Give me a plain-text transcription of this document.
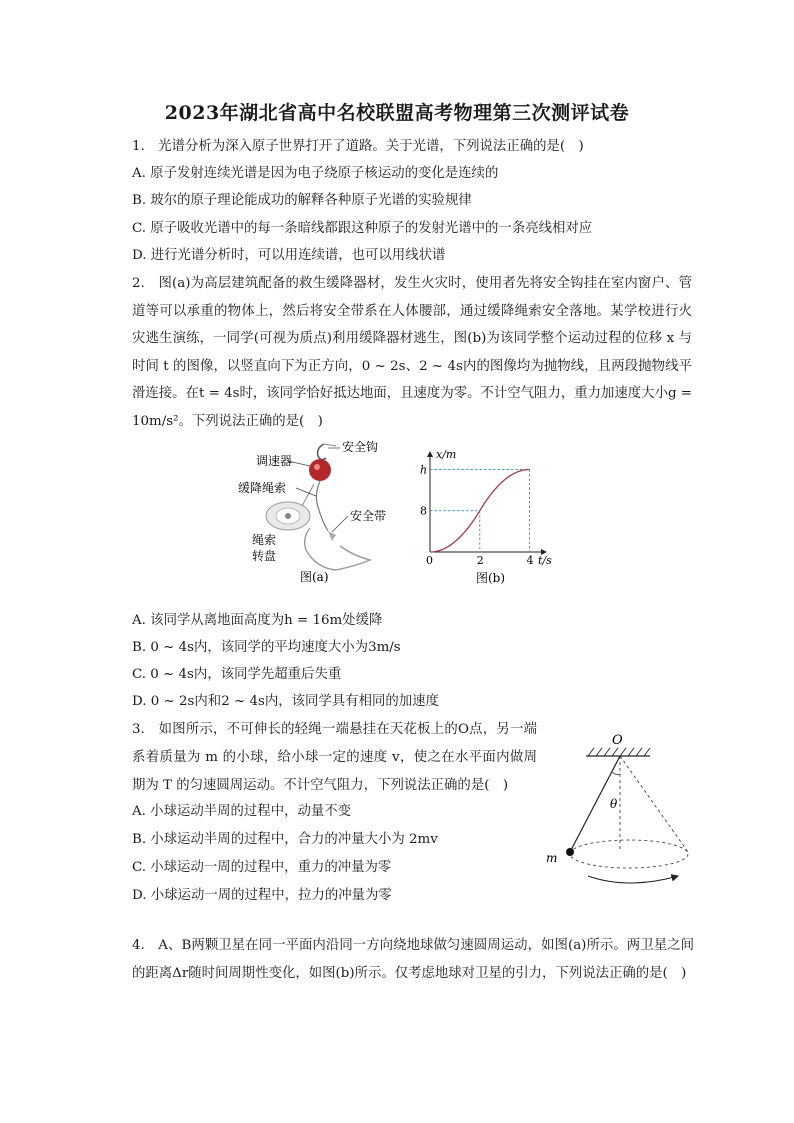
2023年湖北省高中名校联盟高考物理第三次测评试卷
1.　光谱分析为深入原子世界打开了道路。关于光谱，下列说法正确的是(　)
A. 原子发射连续光谱是因为电子绕原子核运动的变化是连续的
B. 玻尔的原子理论能成功的解释各种原子光谱的实验规律
C. 原子吸收光谱中的每一条暗线都跟这种原子的发射光谱中的一条亮线相对应
D. 进行光谱分析时，可以用连续谱，也可以用线状谱
2.　图(a)为高层建筑配备的救生缓降器材，发生火灾时，使用者先将安全钩挂在室内窗户、管道等可以承重的物体上，然后将安全带系在人体腰部，通过缓降绳索安全落地。某学校进行火灾逃生演练，一同学(可视为质点)利用缓降器材逃生，图(b)为该同学整个运动过程的位移 x 与时间 t 的图像，以竖直向下为正方向，0 ~ 2s、2 ~ 4s内的图像均为抛物线，且两段抛物线平滑连接。在t = 4s时，该同学恰好抵达地面，且速度为零。不计空气阻力，重力加速度大小g = 10m/s²。下列说法正确的是(　)
调速器
安全钩
缓降绳索
安全带
绳索
转盘
图(a)
2	4
8
h
x/m
t/s
0
图(b)
A. 该同学从离地面高度为h = 16m处缓降
B. 0 ~ 4s内，该同学的平均速度大小为3m/s
C. 0 ~ 4s内，该同学先超重后失重
D. 0 ~ 2s内和2 ~ 4s内，该同学具有相同的加速度
3.　如图所示，不可伸长的轻绳一端悬挂在天花板上的O点，另一端系着质量为 m 的小球，给小球一定的速度 v，使之在水平面内做周期为 T 的匀速圆周运动。不计空气阻力，下列说法正确的是(　)
A. 小球运动半周的过程中，动量不变
B. 小球运动半周的过程中，合力的冲量大小为 2mv
C. 小球运动一周的过程中，重力的冲量为零
D. 小球运动一周的过程中，拉力的冲量为零
O
θ
m
4.　A、B两颗卫星在同一平面内沿同一方向绕地球做匀速圆周运动，如图(a)所示。两卫星之间的距离Δr随时间周期性变化，如图(b)所示。仅考虑地球对卫星的引力，下列说法正确的是(　)
